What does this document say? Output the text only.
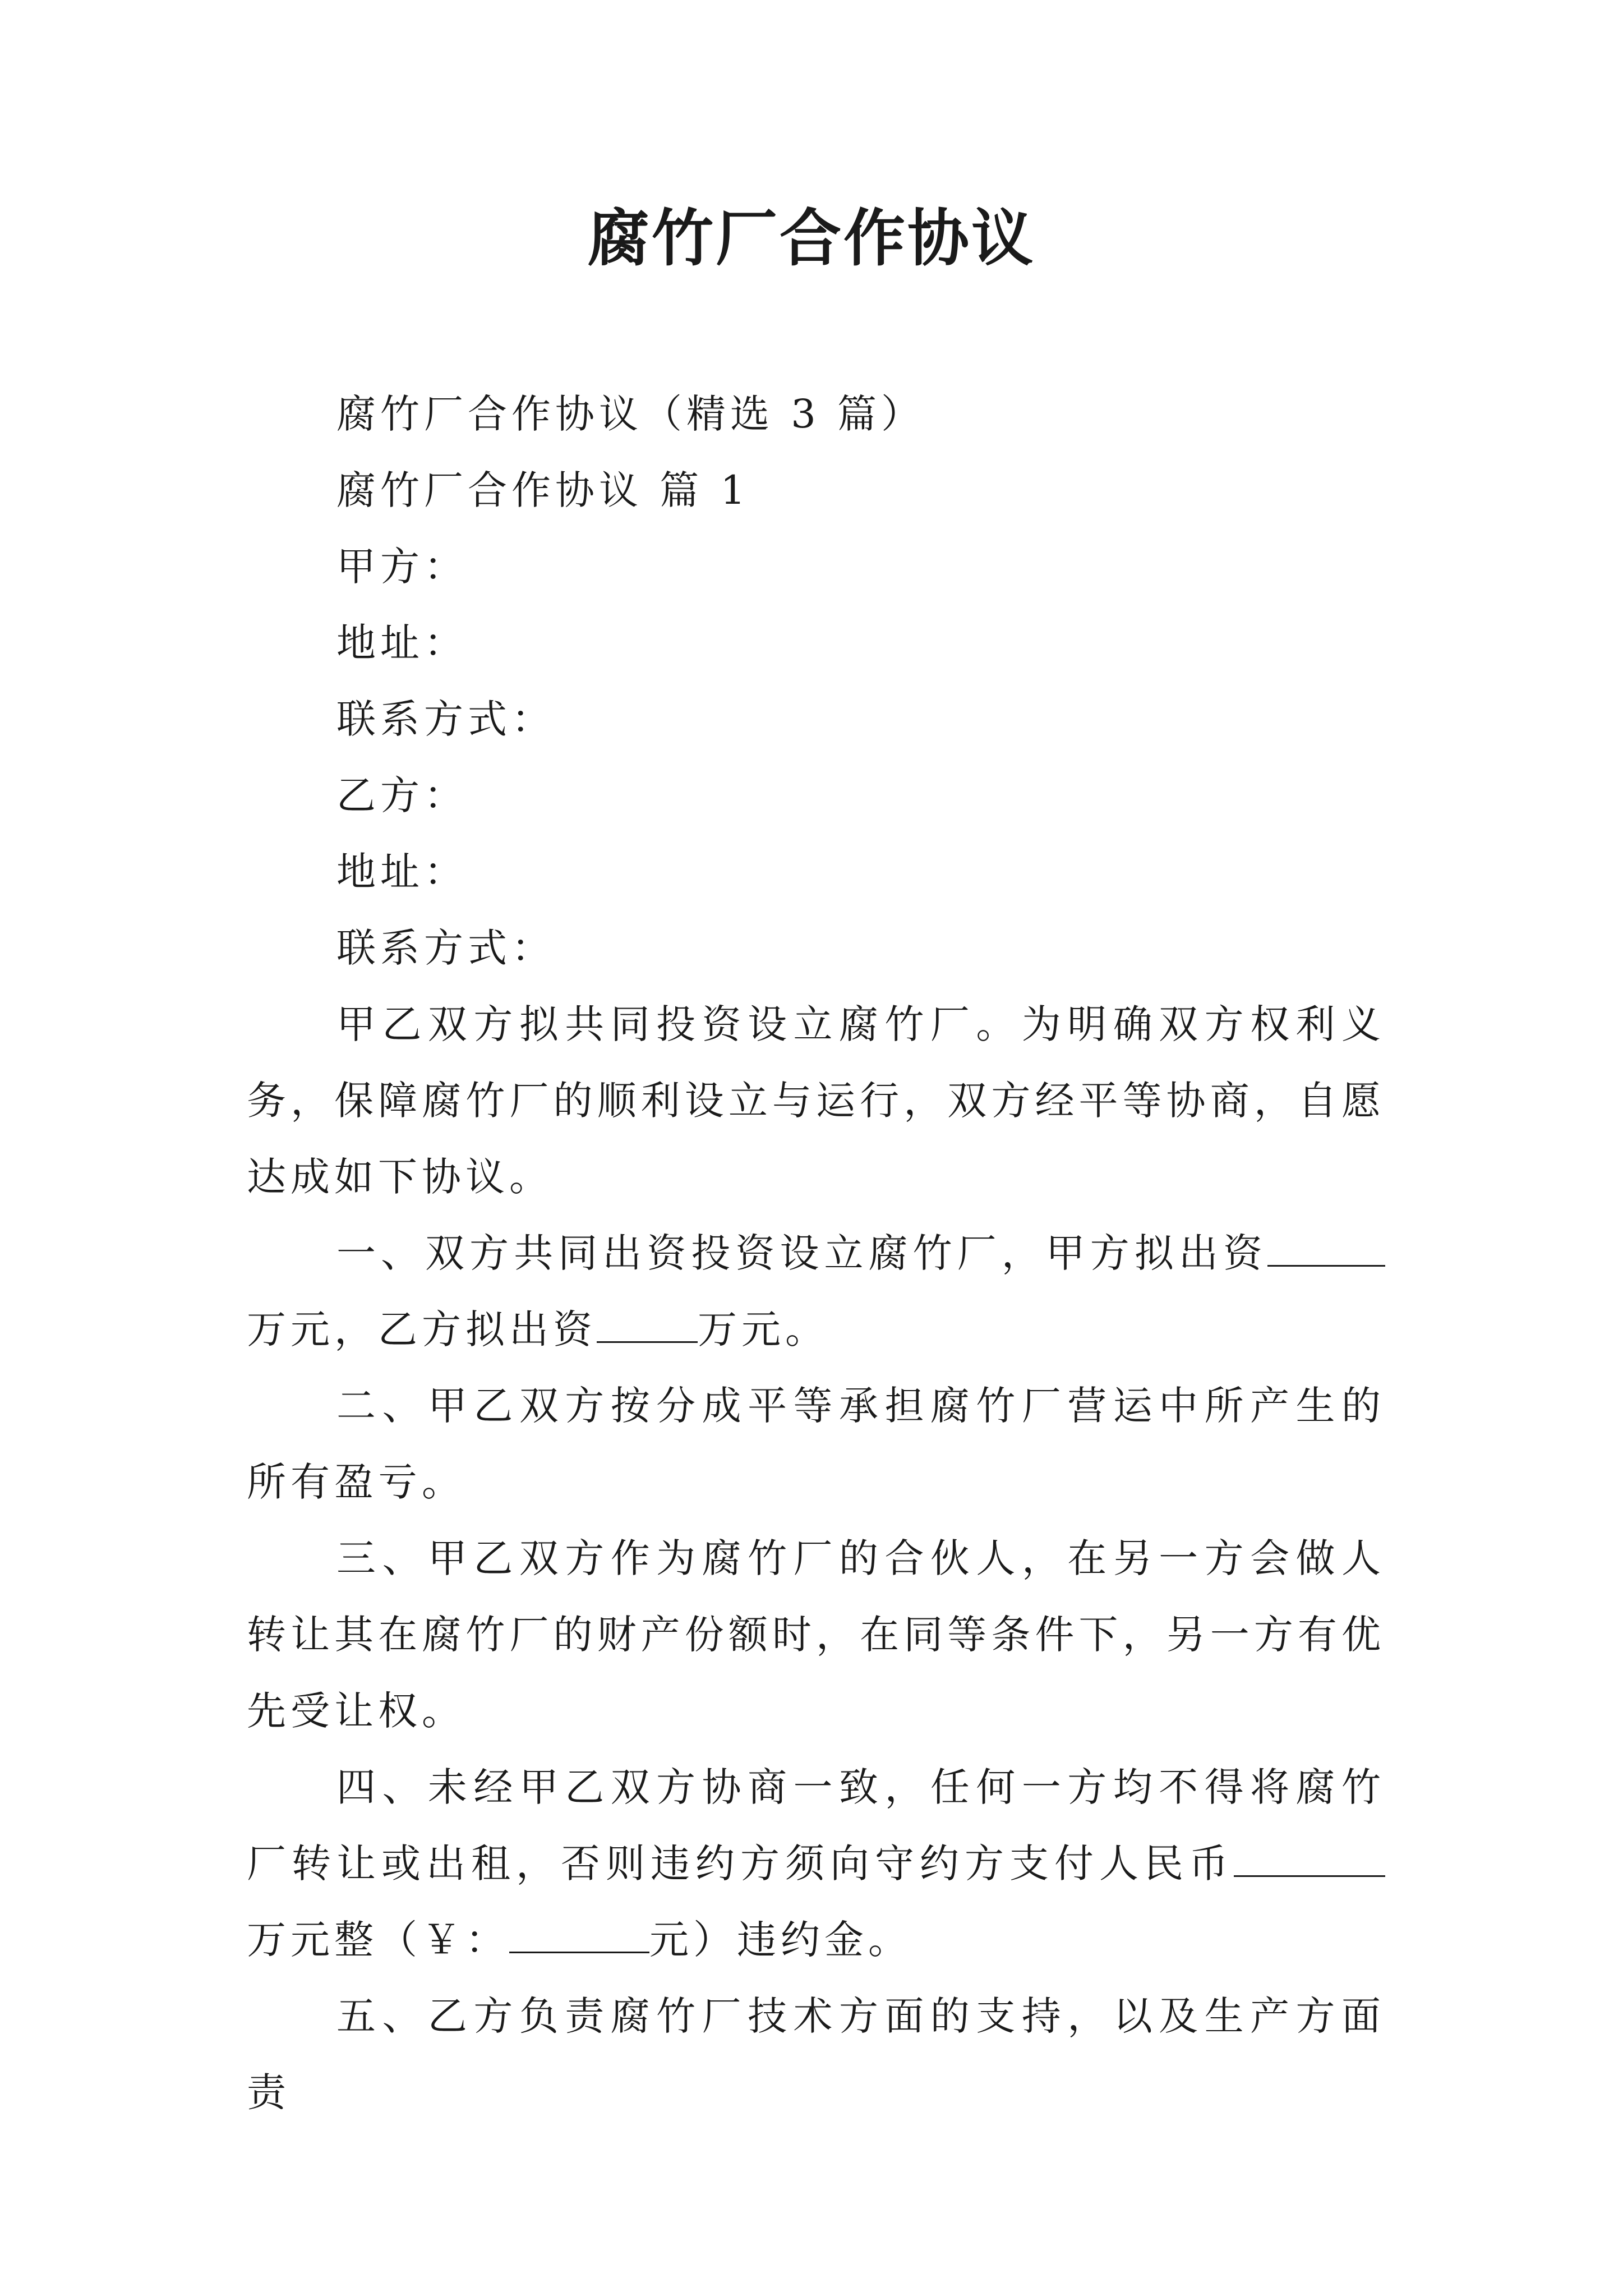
腐竹厂合作协议
腐竹厂合作协议（精选 3 篇）
腐竹厂合作协议 篇 1
甲方：
地址：
联系方式：
乙方：
地址：
联系方式：
甲乙双方拟共同投资设立腐竹厂。为明确双方权利义务，保障腐竹厂的顺利设立与运行，双方经平等协商，自愿达成如下协议。
一、双方共同出资投资设立腐竹厂，甲方拟出资万元，乙方拟出资	万元。
二、甲乙双方按分成平等承担腐竹厂营运中所产生的所有盈亏。
三、甲乙双方作为腐竹厂的合伙人，在另一方会做人转让其在腐竹厂的财产份额时，在同等条件下，另一方有优先受让权。
四、未经甲乙双方协商一致，任何一方均不得将腐竹厂转让或出租，否则违约方须向守约方支付人民币万元整（￥：	元）违约金。
五、乙方负责腐竹厂技术方面的支持，以及生产方面责
